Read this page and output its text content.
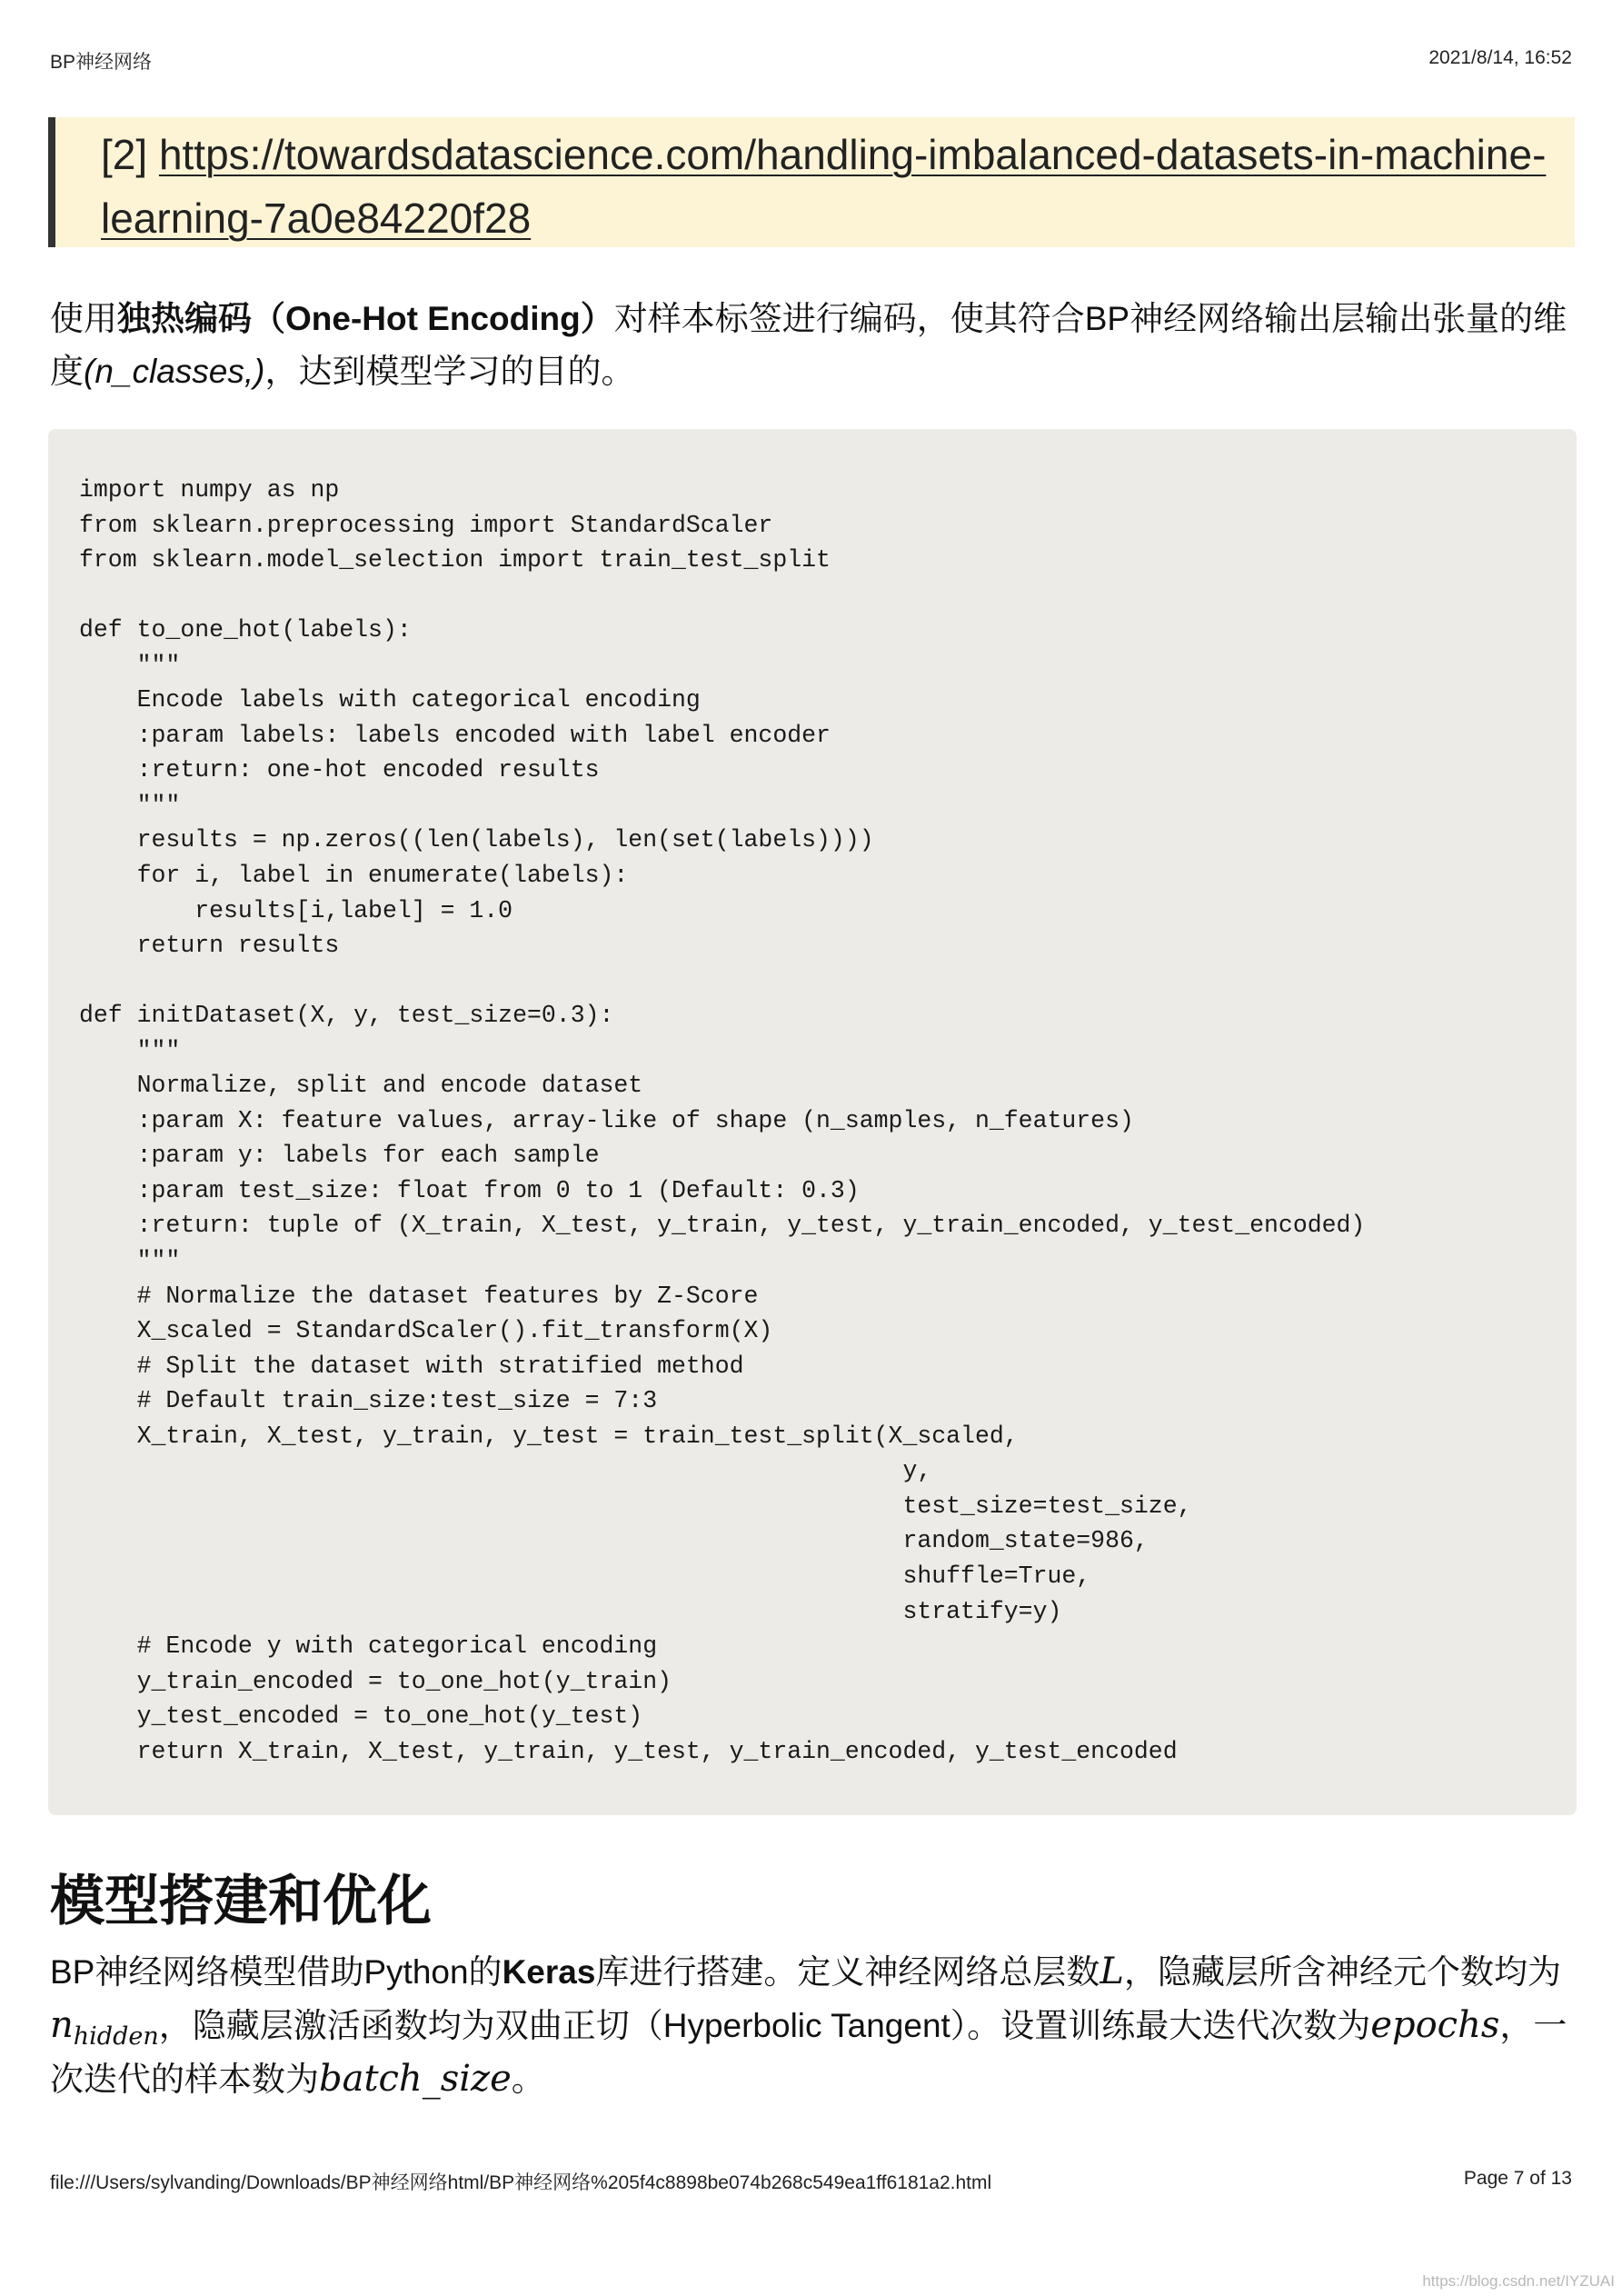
BP神经网络	2021/8/14, 16:52
[2] https://towardsdatascience.com/handling-imbalanced-datasets-in-machine-learning-7a0e84220f28

使用独热编码（One-Hot Encoding）对样本标签进行编码，使其符合BP神经网络输出层输出张量的维度(n_classes,)，达到模型学习的目的。

import numpy as np
from sklearn.preprocessing import StandardScaler
from sklearn.model_selection import train_test_split

def to_one_hot(labels):
"""
Encode labels with categorical encoding
:param labels: labels encoded with label encoder
:return: one-hot encoded results
"""
results = np.zeros((len(labels), len(set(labels))))
for i, label in enumerate(labels):
results[i,label] = 1.0
return results

def initDataset(X, y, test_size=0.3):
"""
Normalize, split and encode dataset
:param X: feature values, array-like of shape (n_samples, n_features)
:param y: labels for each sample
:param test_size: float from 0 to 1 (Default: 0.3)
:return: tuple of (X_train, X_test, y_train, y_test, y_train_encoded, y_test_encoded)
"""
# Normalize the dataset features by Z-Score
X_scaled = StandardScaler().fit_transform(X)
# Split the dataset with stratified method
# Default train_size:test_size = 7:3
X_train, X_test, y_train, y_test = train_test_split(X_scaled,
y,
test_size=test_size,
random_state=986,
shuffle=True,
stratify=y)
# Encode y with categorical encoding
y_train_encoded = to_one_hot(y_train)
y_test_encoded = to_one_hot(y_test)
return X_train, X_test, y_train, y_test, y_train_encoded, y_test_encoded
模型搭建和优化

BP神经网络模型借助Python的Keras库进行搭建。定义神经网络总层数L，隐藏层所含神经元个数均为$n_{hidden}$，隐藏层激活函数均为双曲正切（Hyperbolic Tangent）。设置训练最大迭代次数为epochs，一次迭代的样本数为batch_size。

file:///Users/sylvanding/Downloads/BP神经网络html/BP神经网络%205f4c8898be074b268c549ea1ff6181a2.html	Page 7 of 13
https://blog.csdn.net/IYZUAI
